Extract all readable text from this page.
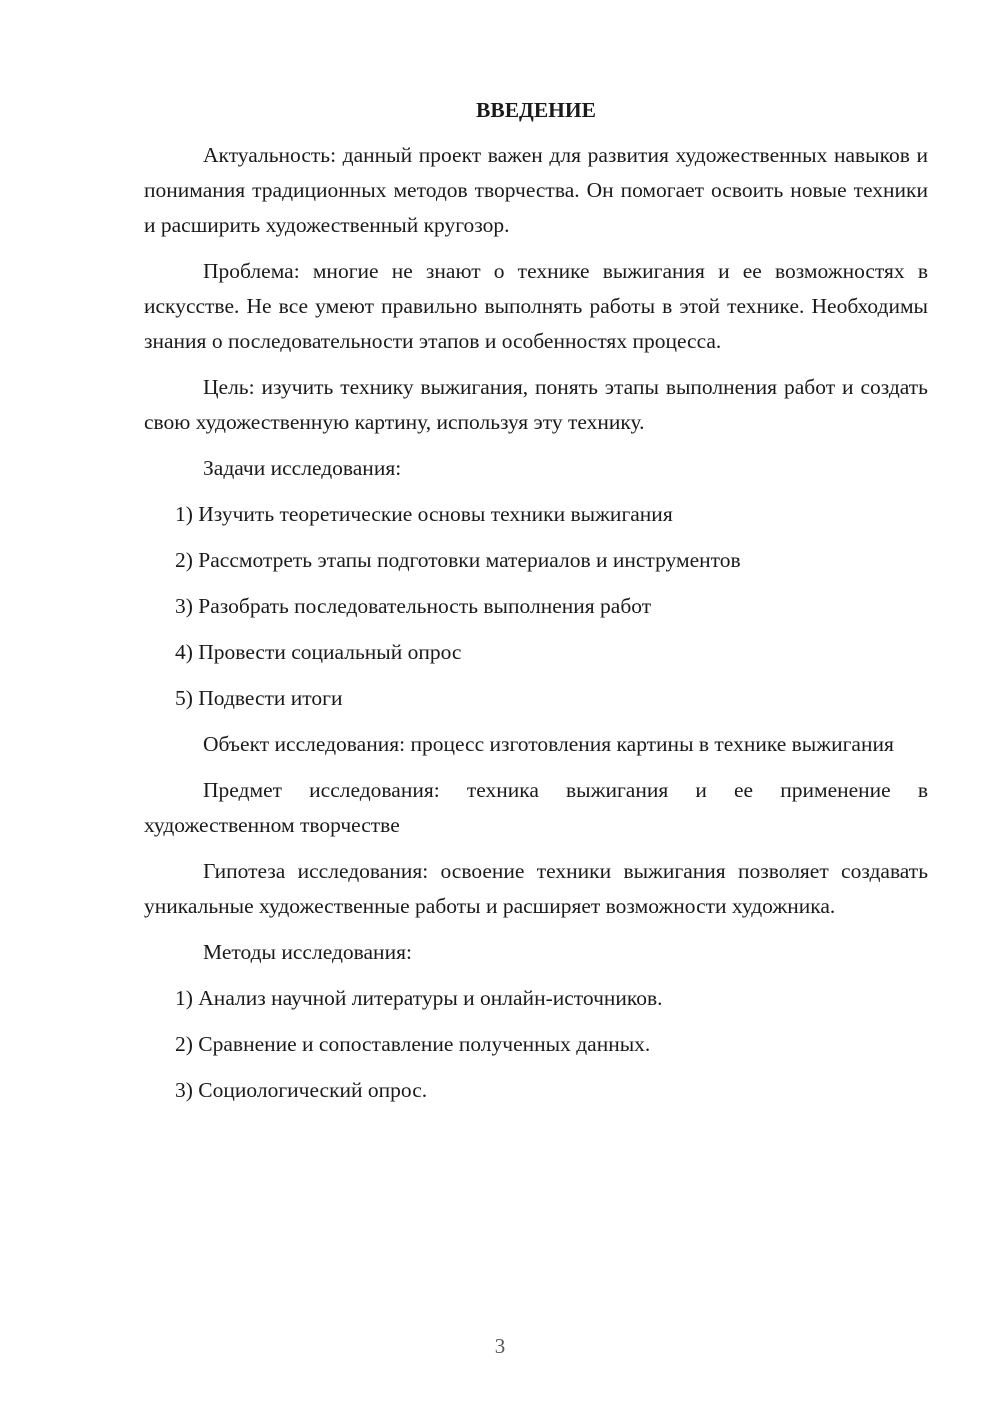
ВВЕДЕНИЕ

Актуальность: данный проект важен для развития художественных навыков и понимания традиционных методов творчества. Он помогает освоить новые техники и расширить художественный кругозор.

Проблема: многие не знают о технике выжигания и ее возможностях в искусстве. Не все умеют правильно выполнять работы в этой технике. Необходимы знания о последовательности этапов и особенностях процесса.

Цель: изучить технику выжигания, понять этапы выполнения работ и создать свою художественную картину, используя эту технику.

Задачи исследования:

1) Изучить теоретические основы техники выжигания

2) Рассмотреть этапы подготовки материалов и инструментов

3) Разобрать последовательность выполнения работ

4) Провести социальный опрос

5) Подвести итоги

Объект исследования: процесс изготовления картины в технике выжигания

Предмет исследования: техника выжигания и ее применение в художественном творчестве

Гипотеза исследования: освоение техники выжигания позволяет создавать уникальные художественные работы и расширяет возможности художника.

Методы исследования:

1) Анализ научной литературы и онлайн-источников.

2) Сравнение и сопоставление полученных данных.

3) Социологический опрос.

3
